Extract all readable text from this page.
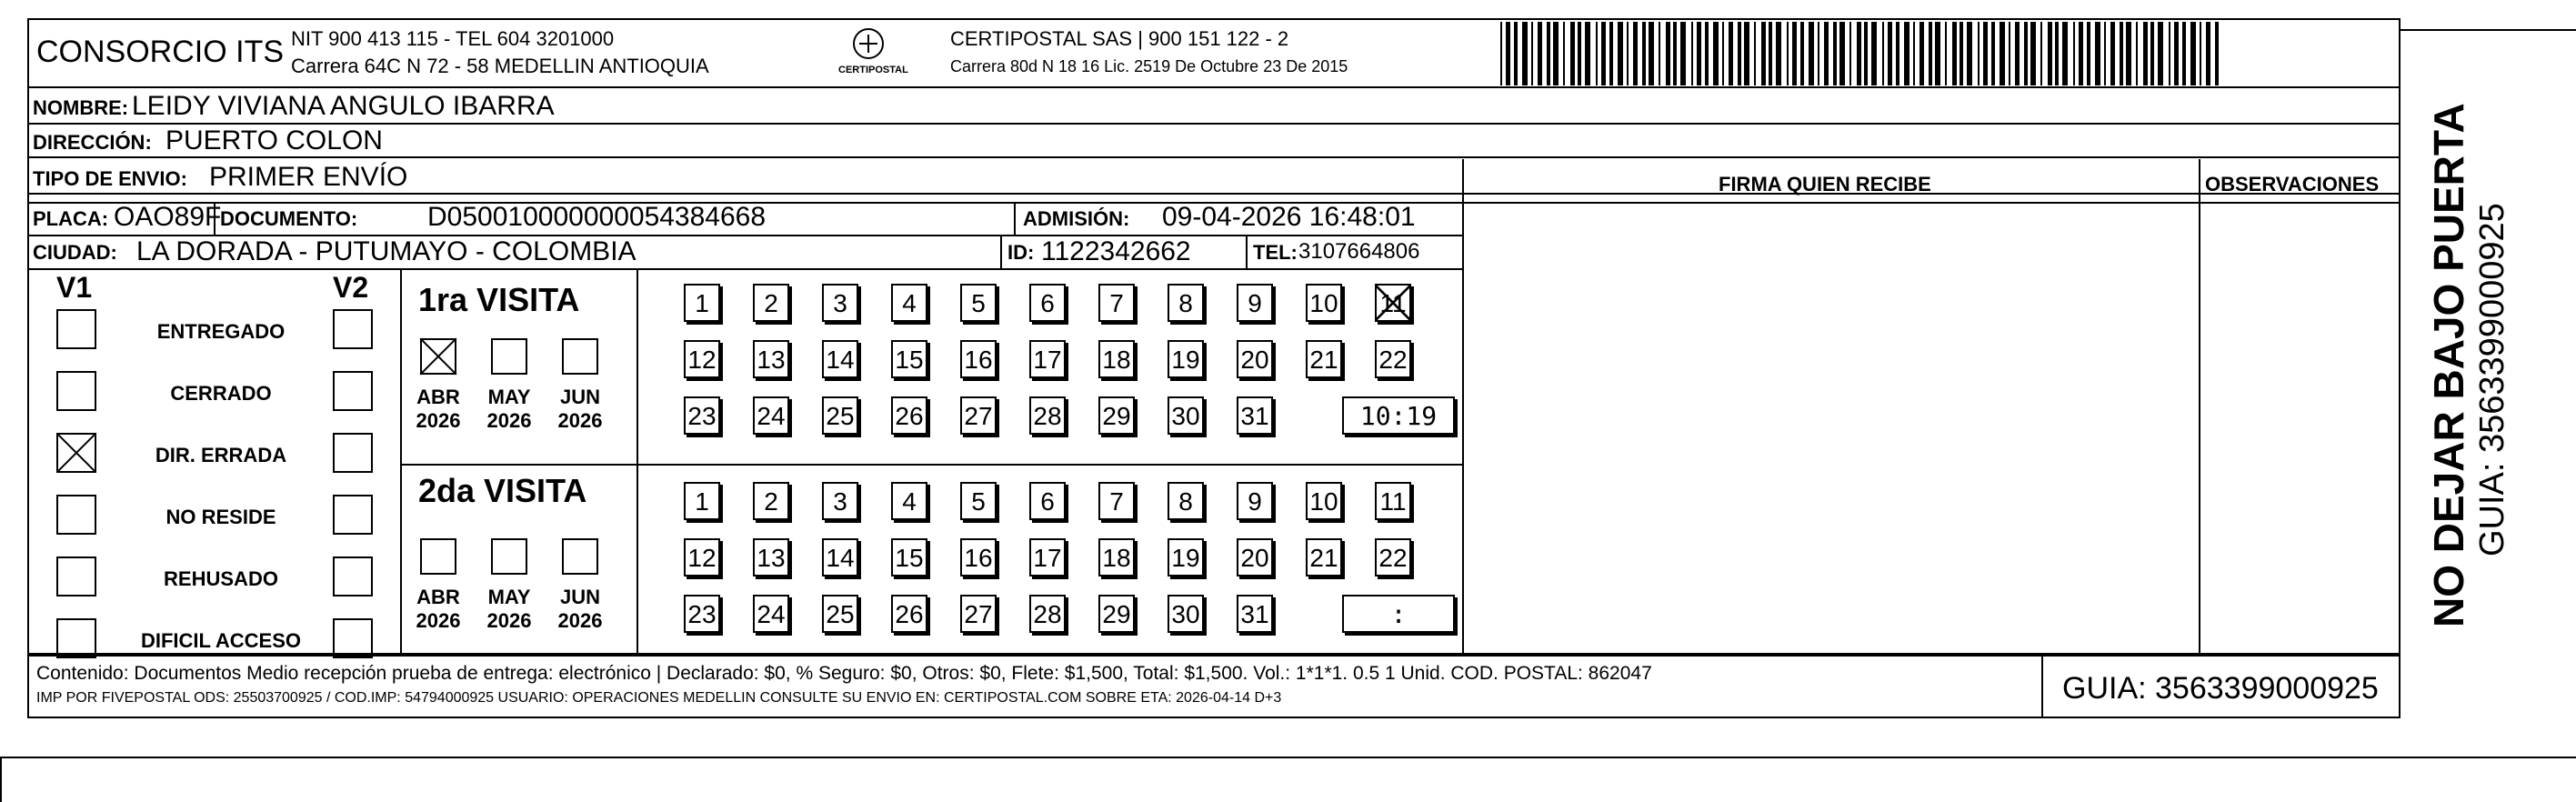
CONSORCIO ITS NIT 900 413 115 - TEL 604 3201000
Carrera 64C N 72 - 58 MEDELLIN ANTIOQUIA	CERTIPOSTAL
CERTIPOSTAL SAS | 900 151 122 - 2
Carrera 80d N 18 16 Lic. 2519 De Octubre 23 De 2015
NOMBRE: LEIDY VIVIANA ANGULO IBARRA
DIRECCIÓN: PUERTO COLON
TIPO DE ENVIO: PRIMER ENVÍO
PLACA: OAO89F
DOCUMENTO:	D050010000000054384668	ADMISIÓN: 09-04-2026 16:48:01
CIUDAD: LA DORADA - PUTUMAYO - COLOMBIA	ID: 1122342662	TEL: 3107664806
FIRMA QUIEN RECIBE	OBSERVACIONES
V1	V2 1ra VISITA
2da VISITA
Contenido: Documentos Medio recepción prueba de entrega: electrónico | Declarado: $0, % Seguro: $0, Otros: $0, Flete: $1,500, Total: $1,500. Vol.: 1*1*1. 0.5 1 Unid. COD. POSTAL: 862047
IMP POR FIVEPOSTAL ODS: 25503700925 / COD.IMP: 54794000925 USUARIO: OPERACIONES MEDELLIN CONSULTE SU ENVIO EN: CERTIPOSTAL.COM SOBRE ETA: 2026-04-14 D+3	GUIA: 3563399000925
NO DEJAR BAJO PUERTA GUIA: 3563399000925
ENTREGADO
CERRADO
DIR. ERRADA
NO RESIDE
REHUSADO
DIFICIL ACCESO
ABR
2026
MAY
2026
JUN
2026
ABR
2026
MAY
2026
JUN
2026
1	2	3	4	5	6	7	8	9	10 11
12 13 14 15 16 17 18 19 20 21 22
23 24 25 26 27 28 29 30 31	10:19
1	2	3	4	5	6	7	8	9	10 11
12 13 14 15 16 17 18 19 20 21 22
23 24 25 26 27 28 29 30 31	:
